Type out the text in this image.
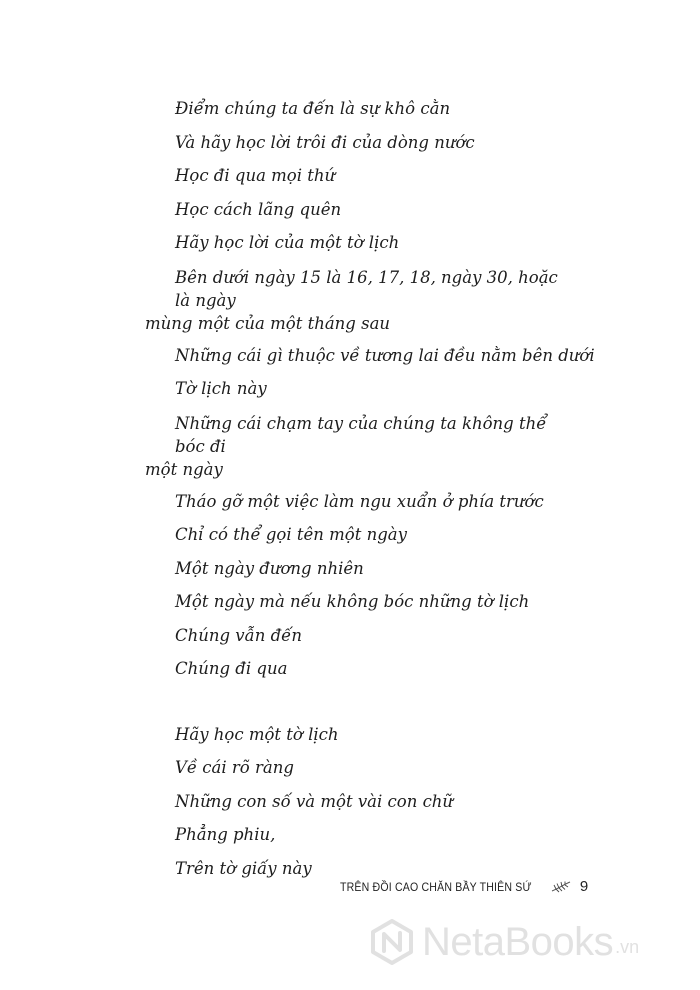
Điểm chúng ta đến là sự khô cằn
Và hãy học lời trôi đi của dòng nước
Học đi qua mọi thứ
Học cách lãng quên
Hãy học lời của một tờ lịch
Bên dưới ngày 15 là 16, 17, 18, ngày 30, hoặc là ngày
mùng một của một tháng sau
Những cái gì thuộc về tương lai đều nằm bên dưới
Tờ lịch này
Những cái chạm tay của chúng ta không thể bóc đi
một ngày
Tháo gỡ một việc làm ngu xuẩn ở phía trước
Chỉ có thể gọi tên một ngày
Một ngày đương nhiên
Một ngày mà nếu không bóc những tờ lịch
Chúng vẫn đến
Chúng đi qua
Hãy học một tờ lịch
Về cái rõ ràng
Những con số và một vài con chữ
Phẳng phiu,
Trên tờ giấy này
TRÊN ĐỒI CAO CHĂN BẦY THIÊN SỨ	9
NetaBooks .vn
